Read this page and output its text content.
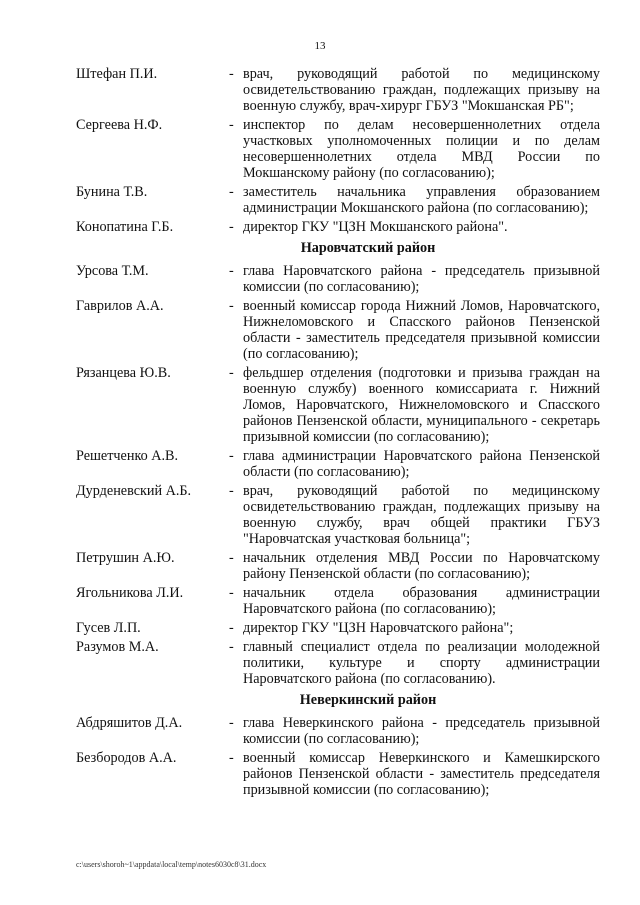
13
Штефан П.И.	- врач, руководящий работой по медицинскому освидетельствованию граждан, подлежащих призыву на военную службу, врач-хирург ГБУЗ "Мокшанская РБ";
Сергеева Н.Ф.	- инспектор по делам несовершеннолетних отдела участковых уполномоченных полиции и по делам несовершеннолетних отдела МВД России по Мокшанскому району (по согласованию);
Бунина Т.В.	- заместитель начальника управления образованием администрации Мокшанского района (по согласованию);
Конопатина Г.Б.	- директор ГКУ "ЦЗН Мокшанского района".
Наровчатский район
Урсова Т.М.	- глава Наровчатского района - председатель призывной комиссии (по согласованию);
Гаврилов А.А.	- военный комиссар города Нижний Ломов, Наровчатского, Нижнеломовского и Спасского районов Пензенской области - заместитель председателя призывной комиссии (по согласованию);
Рязанцева Ю.В.	- фельдшер отделения (подготовки и призыва граждан на военную службу) военного комиссариата г. Нижний Ломов, Наровчатского, Нижнеломовского и Спасского районов Пензенской области, муниципального - секретарь призывной комиссии (по согласованию);
Решетченко А.В.	- глава администрации Наровчатского района Пензенской области (по согласованию);
Дурденевский А.Б.	- врач, руководящий работой по медицинскому освидетельствованию граждан, подлежащих призыву на военную службу, врач общей практики ГБУЗ "Наровчатская участковая больница";
Петрушин А.Ю.	- начальник отделения МВД России по Наровчатскому району Пензенской области (по согласованию);
Ягольникова Л.И.	- начальник отдела образования администрации Наровчатского района (по согласованию);
Гусев Л.П.	- директор ГКУ "ЦЗН Наровчатского района";
Разумов М.А.	- главный специалист отдела по реализации молодежной политики, культуре и спорту администрации Наровчатского района (по согласованию).
Неверкинский район
Абдряшитов Д.А.	- глава Неверкинского района - председатель призывной комиссии (по согласованию);
Безбородов А.А.	- военный комиссар Неверкинского и Камешкирского районов Пензенской области - заместитель председателя призывной комиссии (по согласованию);
c:\users\shoroh~1\appdata\local\temp\notes6030c8\31.docx
